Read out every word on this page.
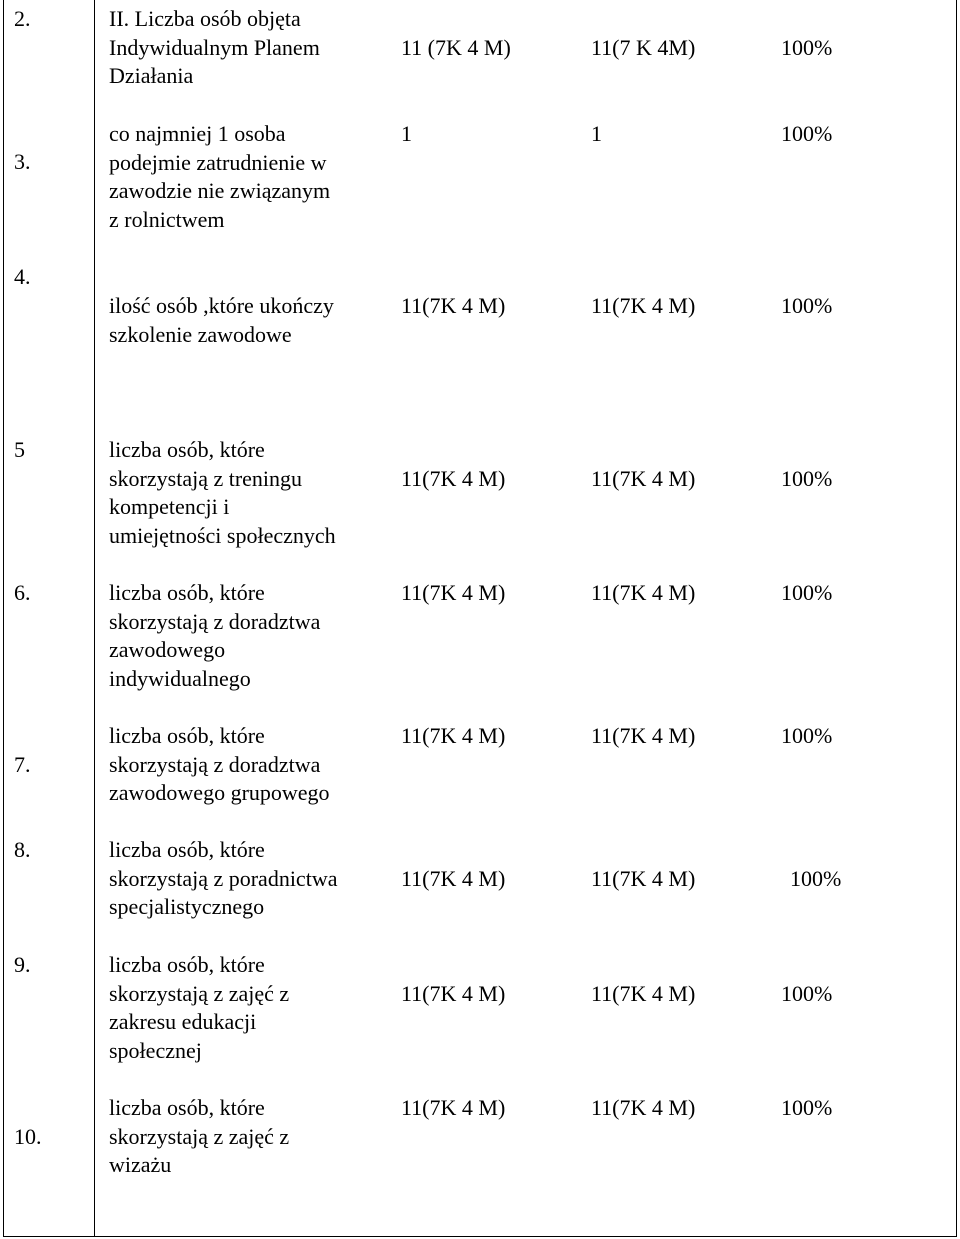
2.	II. Liczba osób objęta
Indywidualnym Planem
Działania
11 (7K 4 M)	11(7 K 4M)	100%
3.
co najmniej 1 osoba
podejmie zatrudnienie w
zawodzie nie związanym
z rolnictwem
1	1	100%
4.
ilość osób ,które ukończy
szkolenie zawodowe
11(7K 4 M)	11(7K 4 M)	100%
5	liczba osób, które
skorzystają z treningu
kompetencji i
umiejętności społecznych
11(7K 4 M)	11(7K 4 M)	100%
6.	liczba osób, które
skorzystają z doradztwa
zawodowego
indywidualnego
11(7K 4 M)	11(7K 4 M)	100%
7.
liczba osób, które
skorzystają z doradztwa
zawodowego grupowego
11(7K 4 M)	11(7K 4 M)	100%
8.	liczba osób, które
skorzystają z poradnictwa
specjalistycznego
11(7K 4 M)	11(7K 4 M)	100%
9.	liczba osób, które
skorzystają z zajęć z
zakresu edukacji
społecznej
11(7K 4 M)	11(7K 4 M)	100%
10.
liczba osób, które
skorzystają z zajęć z
wizażu
11(7K 4 M)	11(7K 4 M)	100%
